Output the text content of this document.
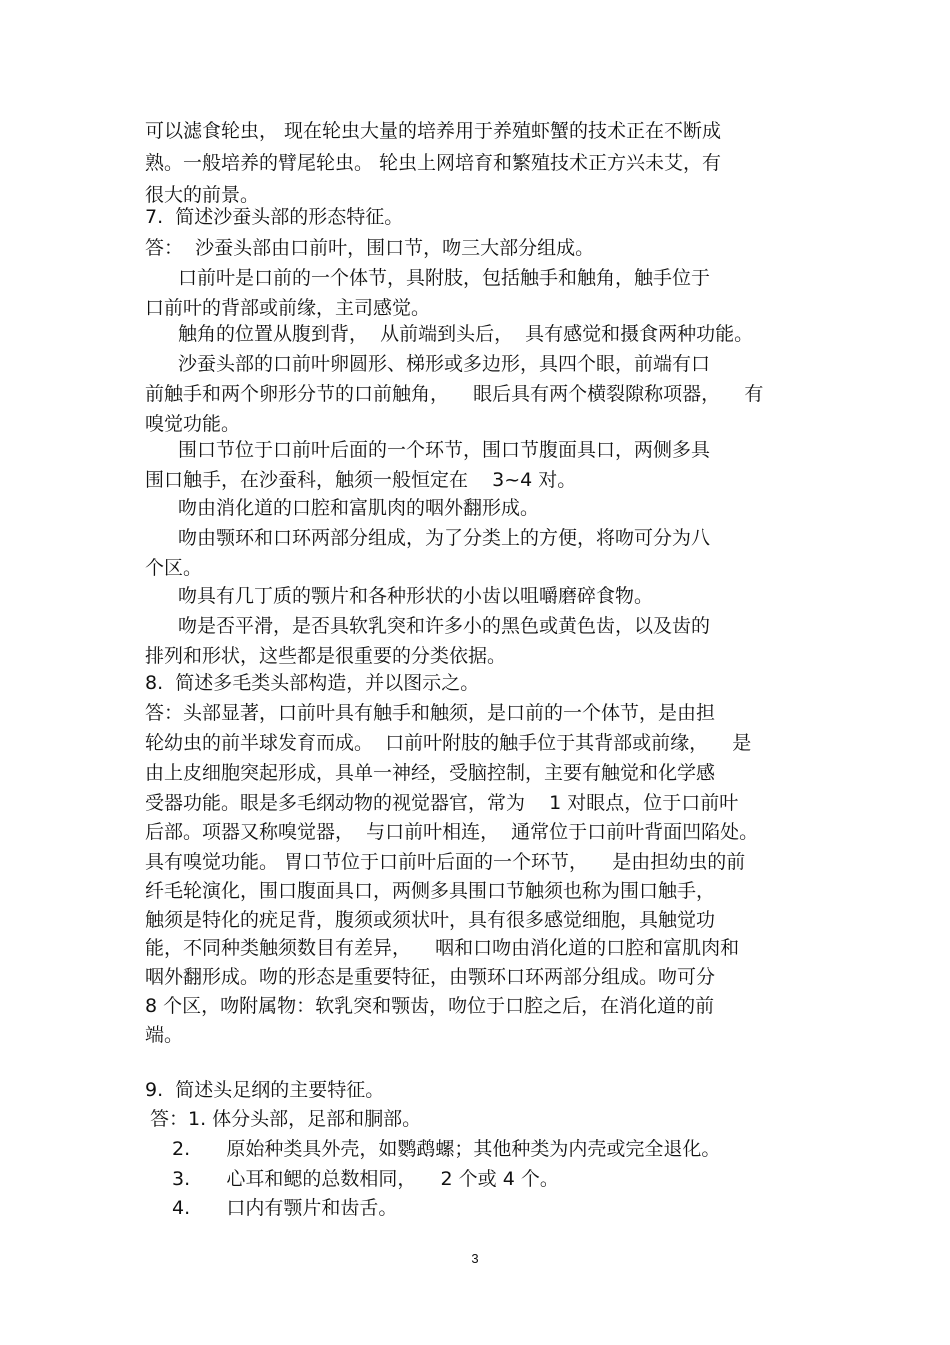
可以滤食轮虫， 现在轮虫大量的培养用于养殖虾蟹的技术正在不断成
熟。一般培养的臂尾轮虫。 轮虫上网培育和繁殖技术正方兴未艾，有
很大的前景。
7.  简述沙蚕头部的形态特征。
答：  沙蚕头部由口前叶，围口节，吻三大部分组成。
口前叶是口前的一个体节，具附肢，包括触手和触角，触手位于
口前叶的背部或前缘，主司感觉。
触角的位置从腹到背，  从前端到头后，  具有感觉和摄食两种功能。
沙蚕头部的口前叶卵圆形、梯形或多边形，具四个眼，前端有口
前触手和两个卵形分节的口前触角，    眼后具有两个横裂隙称项器，    有
嗅觉功能。
围口节位于口前叶后面的一个环节，围口节腹面具口，两侧多具
围口触手，在沙蚕科，触须一般恒定在    3~4 对。
吻由消化道的口腔和富肌肉的咽外翻形成。
吻由颚环和口环两部分组成，为了分类上的方便，将吻可分为八
个区。
吻具有几丁质的颚片和各种形状的小齿以咀嚼磨碎食物。
吻是否平滑，是否具软乳突和许多小的黑色或黄色齿，以及齿的
排列和形状，这些都是很重要的分类依据。
8.  简述多毛类头部构造，并以图示之。
答：头部显著，口前叶具有触手和触须，是口前的一个体节，是由担
轮幼虫的前半球发育而成。  口前叶附肢的触手位于其背部或前缘，    是
由上皮细胞突起形成，具单一神经，受脑控制，主要有触觉和化学感
受器功能。眼是多毛纲动物的视觉器官，常为    1 对眼点，位于口前叶
后部。项器又称嗅觉器，  与口前叶相连，  通常位于口前叶背面凹陷处。
具有嗅觉功能。 胃口节位于口前叶后面的一个环节，    是由担幼虫的前
纤毛轮演化，围口腹面具口，两侧多具围口节触须也称为围口触手，
触须是特化的疣足背，腹须或须状叶，具有很多感觉细胞，具触觉功
能，不同种类触须数目有差异，    咽和口吻由消化道的口腔和富肌肉和
咽外翻形成。吻的形态是重要特征，由颚环口环两部分组成。吻可分
8 个区，吻附属物：软乳突和颚齿，吻位于口腔之后，在消化道的前
端。
9.  简述头足纲的主要特征。
答：1. 体分头部，足部和胴部。
2.      原始种类具外壳，如鹦鹉螺；其他种类为内壳或完全退化。
3.      心耳和鳃的总数相同，    2 个或 4 个。
4.      口内有颚片和齿舌。
3
